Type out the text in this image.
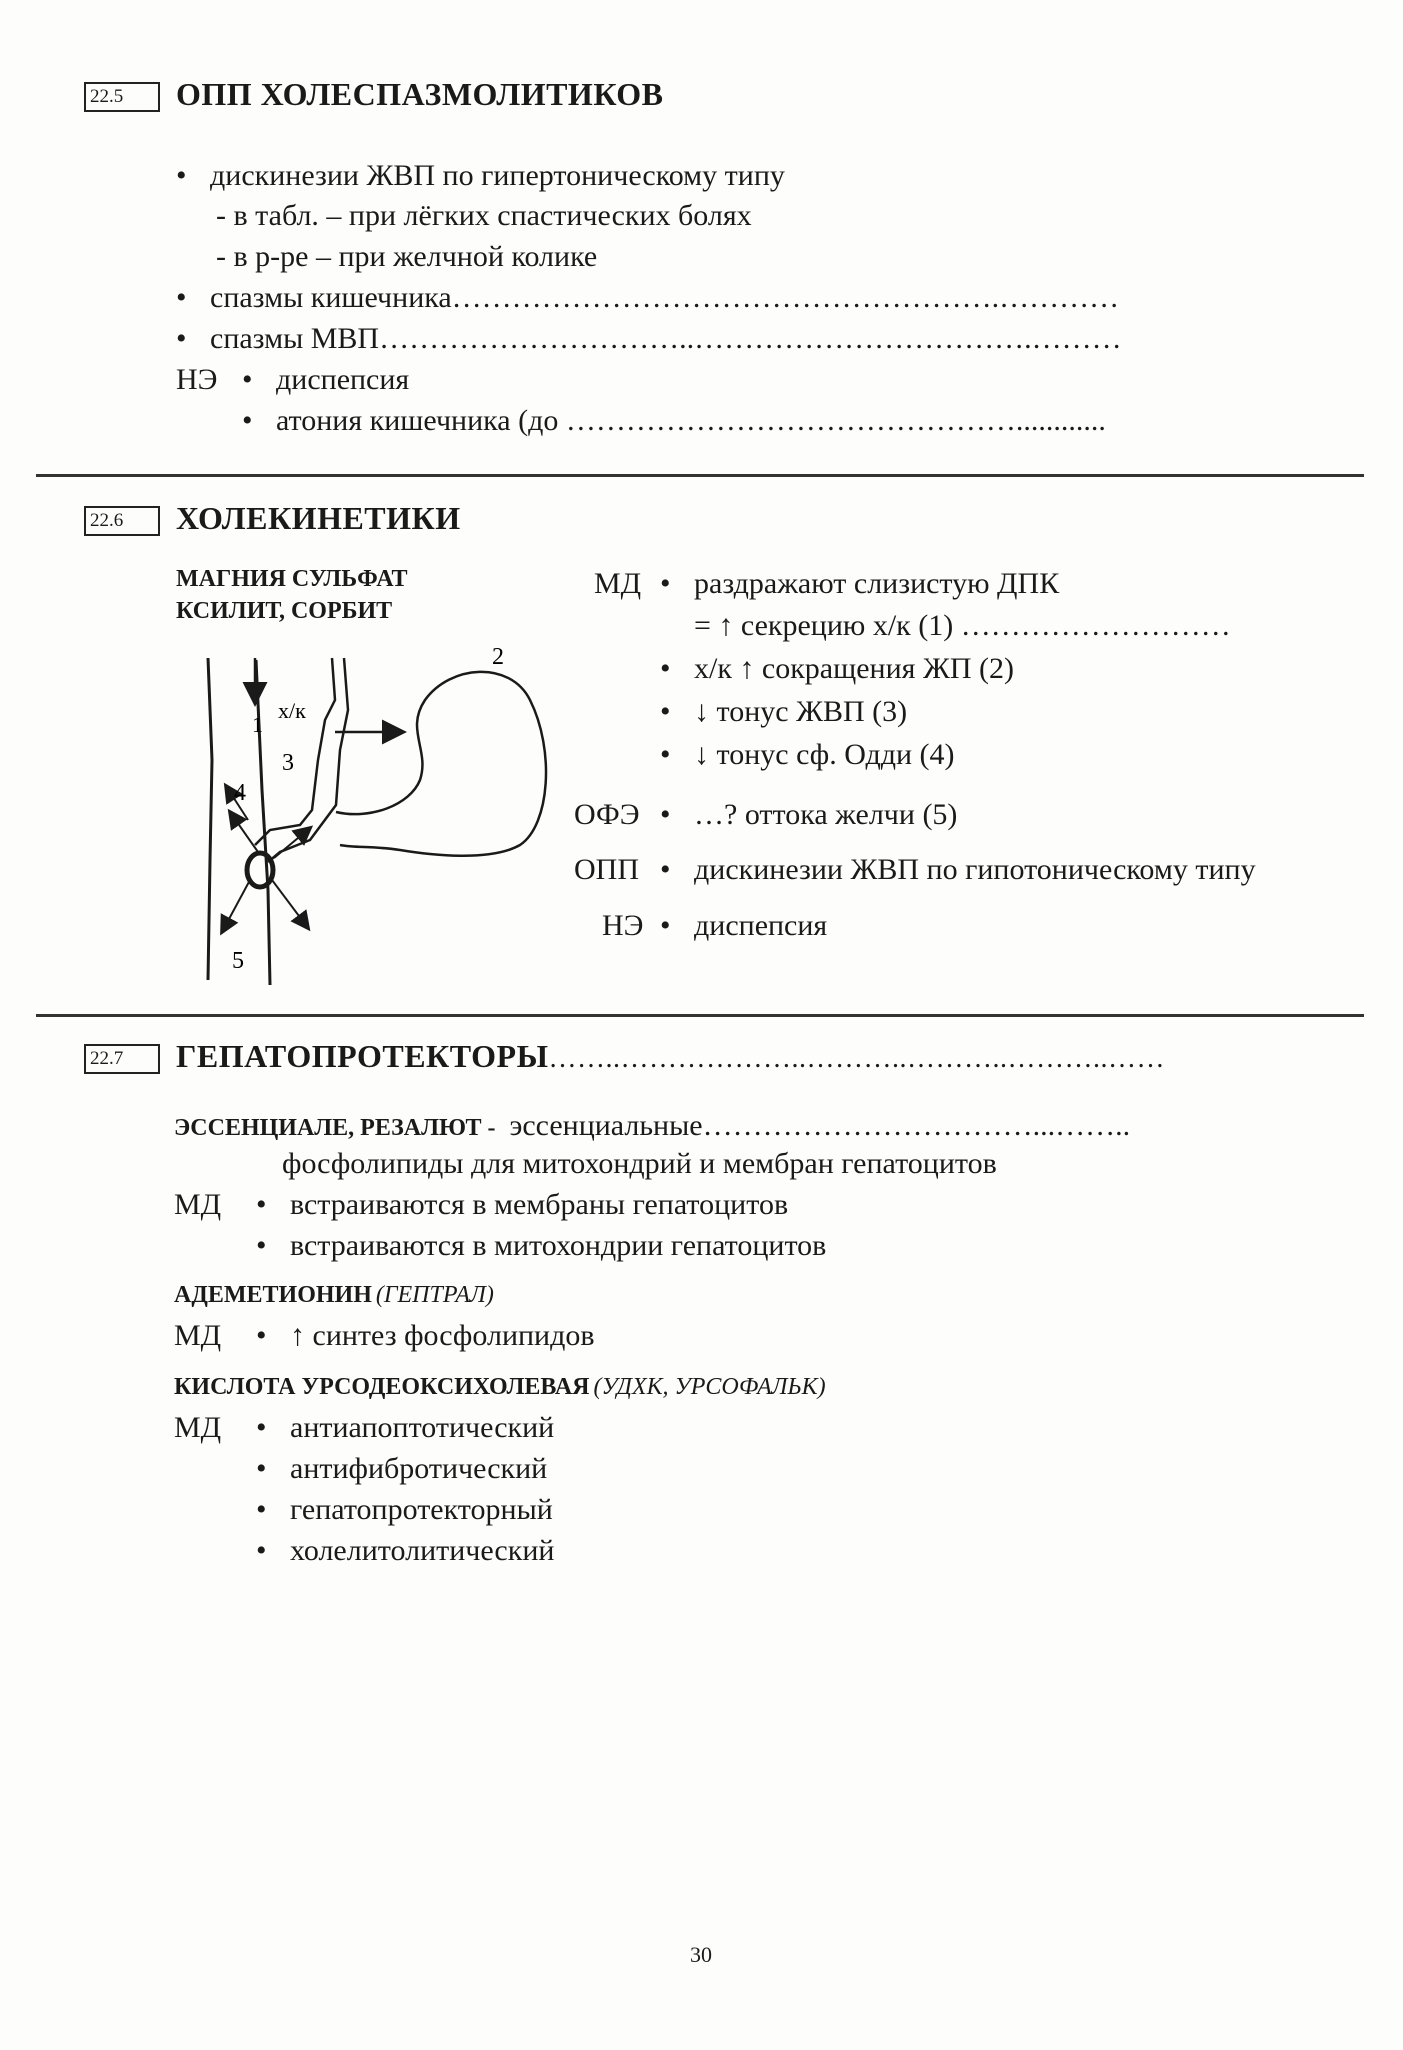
22.5	ОПП ХОЛЕСПАЗМОЛИТИКОВ
• дискинезии ЖВП по гипертоническому типу
- в табл. – при лёгких спастических болях
- в р-ре – при желчной колике
• спазмы кишечника……………………………………………….…………
• спазмы МВП…………………………..…………………………….………
НЭ • диспепсия
• атония кишечника (до ………………………………………............
22.6	ХОЛЕКИНЕТИКИ
МАГНИЯ СУЛЬФАТ
КСИЛИТ, СОРБИТ
1
х/к
2
3
4
5
МД • раздражают слизистую ДПК
= ↑ секрецию х/к (1) ………………………
• х/к ↑ сокращения ЖП (2)
• ↓ тонус ЖВП (3)
• ↓ тонус сф. Одди (4)
ОФЭ • …? оттока желчи (5)
ОПП • дискинезии ЖВП по гипотоническому типу
НЭ • диспепсия
22.7	ГЕПАТОПРОТЕКТОРЫ……..………………..………..………..………..……
ЭССЕНЦИАЛЕ, РЕЗАЛЮТ - эссенциальные……………………………...……..
фосфолипиды для митохондрий и мембран гепатоцитов
МД • встраиваются в мембраны гепатоцитов
• встраиваются в митохондрии гепатоцитов
АДЕМЕТИОНИН (ГЕПТРАЛ)
МД • ↑ синтез фосфолипидов
КИСЛОТА УРСОДЕОКСИХОЛЕВАЯ (УДХК, УРСОФАЛЬК)
МД • антиапоптотический
• антифибротический
• гепатопротекторный
• холелитолитический
30
